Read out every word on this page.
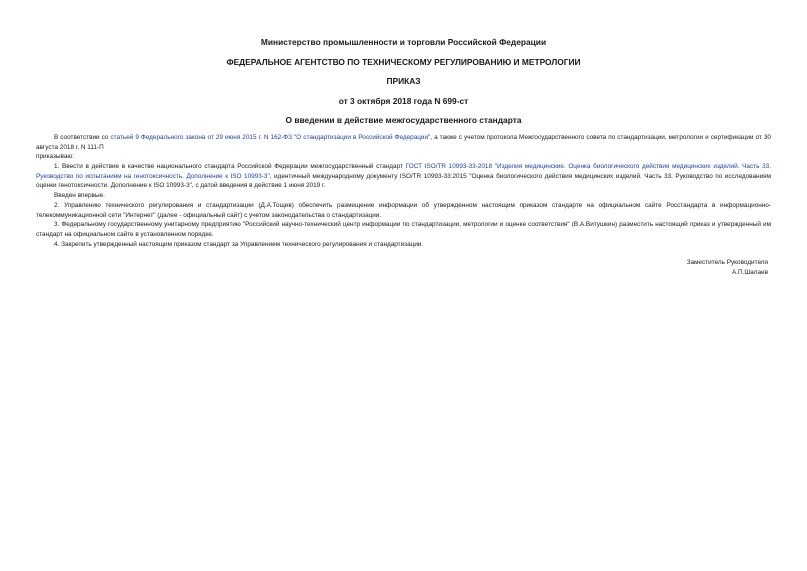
Министерство промышленности и торговли Российской Федерации
ФЕДЕРАЛЬНОЕ АГЕНТСТВО ПО ТЕХНИЧЕСКОМУ РЕГУЛИРОВАНИЮ И МЕТРОЛОГИИ
ПРИКАЗ
от 3 октября 2018 года N 699-ст
О введении в действие межгосударственного стандарта

В соответствии со статьей 9 Федерального закона от 29 июня 2015 г. N 162-ФЗ "О стандартизации в Российской Федерации", а также с учетом протокола Межгосударственного совета по стандартизации, метрологии и сертификации от 30 августа 2018 г. N 111-П

приказываю:

1. Ввести в действие в качестве национального стандарта Российской Федерации межгосударственный стандарт ГОСТ ISO/TR 10993-33-2018 "Изделия медицинские. Оценка биологического действия медицинских изделий. Часть 33. Руководство по испытаниям на генотоксичность. Дополнение к ISO 10993-3", идентичный международному документу ISO/TR 10993-33:2015 "Оценка биологического действия медицинских изделий. Часть 33. Руководство по исследованиям оценки генотоксичности. Дополнение к ISO 10993-3", с датой введения в действие 1 июня 2019 г.

Введен впервые.

2. Управлению технического регулирования и стандартизации (Д.А.Тощев) обеспечить размещение информации об утвержденном настоящим приказом стандарте на официальном сайте Росстандарта в информационно-телекоммуникационной сети "Интернет" (далее - официальный сайт) с учетом законодательства о стандартизации.

3. Федеральному государственному унитарному предприятию "Российский научно-технический центр информации по стандартизации, метрологии и оценке соответствия" (В.А.Витушкин) разместить настоящий приказ и утвержденный им стандарт на официальном сайте в установленном порядке.

4. Закрепить утвержденный настоящим приказом стандарт за Управлением технического регулирования и стандартизации.

Заместитель Руководителя
А.П.Шалаев
